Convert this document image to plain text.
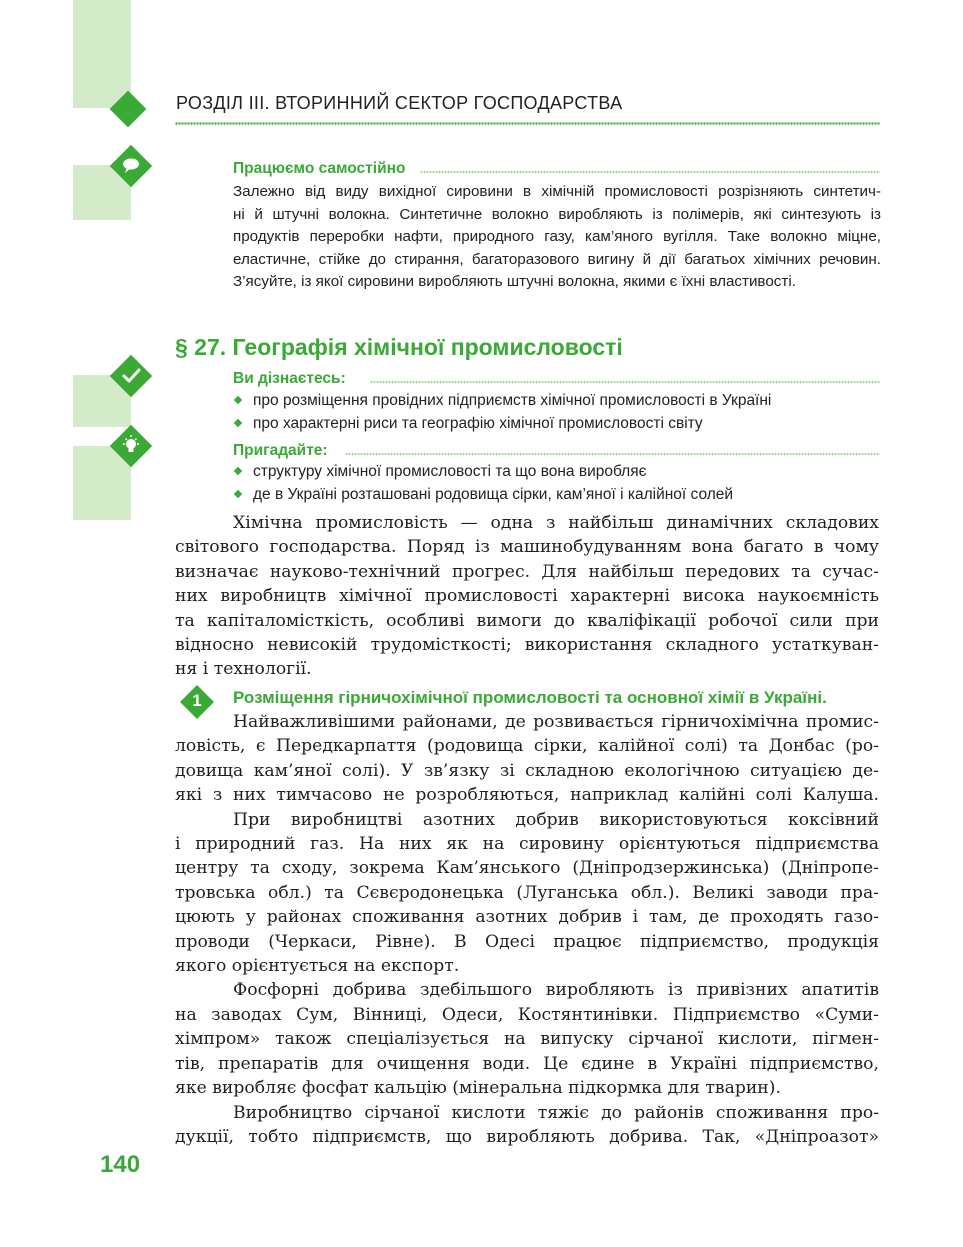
РОЗДІЛ III. ВТОРИННИЙ СЕКТОР ГОСПОДАРСТВА
Працюємо самостійно
Залежно від виду вихідної сировини в хімічній промисловості розрізняють синтетич-
ні й штучні волокна. Синтетичне волокно виробляють із полімерів, які синтезують із
продуктів переробки нафти, природного газу, кам’яного вугілля. Таке волокно міцне,
еластичне, стійке до стирання, багаторазового вигину й дії багатьох хімічних речовин.
З’ясуйте, із якої сировини виробляють штучні волокна, якими є їхні властивості.
§ 27. Географія хімічної промисловості
Ви дізнаєтесь:
про розміщення провідних підприємств хімічної промисловості в Україні
про характерні риси та географію хімічної промисловості світу
Пригадайте:
структуру хімічної промисловості та що вона виробляє
де в Україні розташовані родовища сірки, кам’яної і калійної солей
Хімічна промисловість — одна з найбільш динамічних складових
світового господарства. Поряд із машинобудуванням вона багато в чому
визначає науково-технічний прогрес. Для найбільш передових та сучас-
них виробництв хімічної промисловості характерні висока наукоємність
та капіталомісткість, особливі вимоги до кваліфікації робочої сили при
відносно невисокій трудомісткості; використання складного устаткуван-
ня і технології.
1	Розміщення гірничохімічної промисловості та основної хімії в Україні.
Найважливішими районами, де розвивається гірничохімічна промис-
ловість, є Передкарпаття (родовища сірки, калійної солі) та Донбас (ро-
довища кам’яної солі). У зв’язку зі складною екологічною ситуацією де-
які з них тимчасово не розробляються, наприклад калійні солі Калуша.
При виробництві азотних добрив використовуються коксівний
і природний газ. На них як на сировину орієнтуються підприємства
центру та сходу, зокрема Кам’янського (Дніпродзержинська) (Дніпропе-
тровська обл.) та Сєвєродонецька (Луганська обл.). Великі заводи пра-
цюють у районах споживання азотних добрив і там, де проходять газо-
проводи (Черкаси, Рівне). В Одесі працює підприємство, продукція
якого орієнтується на експорт.
Фосфорні добрива здебільшого виробляють із привізних апатитів
на заводах Сум, Вінниці, Одеси, Костянтинівки. Підприємство «Суми-
хімпром» також спеціалізується на випуску сірчаної кислоти, пігмен-
тів, препаратів для очищення води. Це єдине в Україні підприємство,
яке виробляє фосфат кальцію (мінеральна підкормка для тварин).
Виробництво сірчаної кислоти тяжіє до районів споживання про-
дукції, тобто підприємств, що виробляють добрива. Так, «Дніпроазот»
140
